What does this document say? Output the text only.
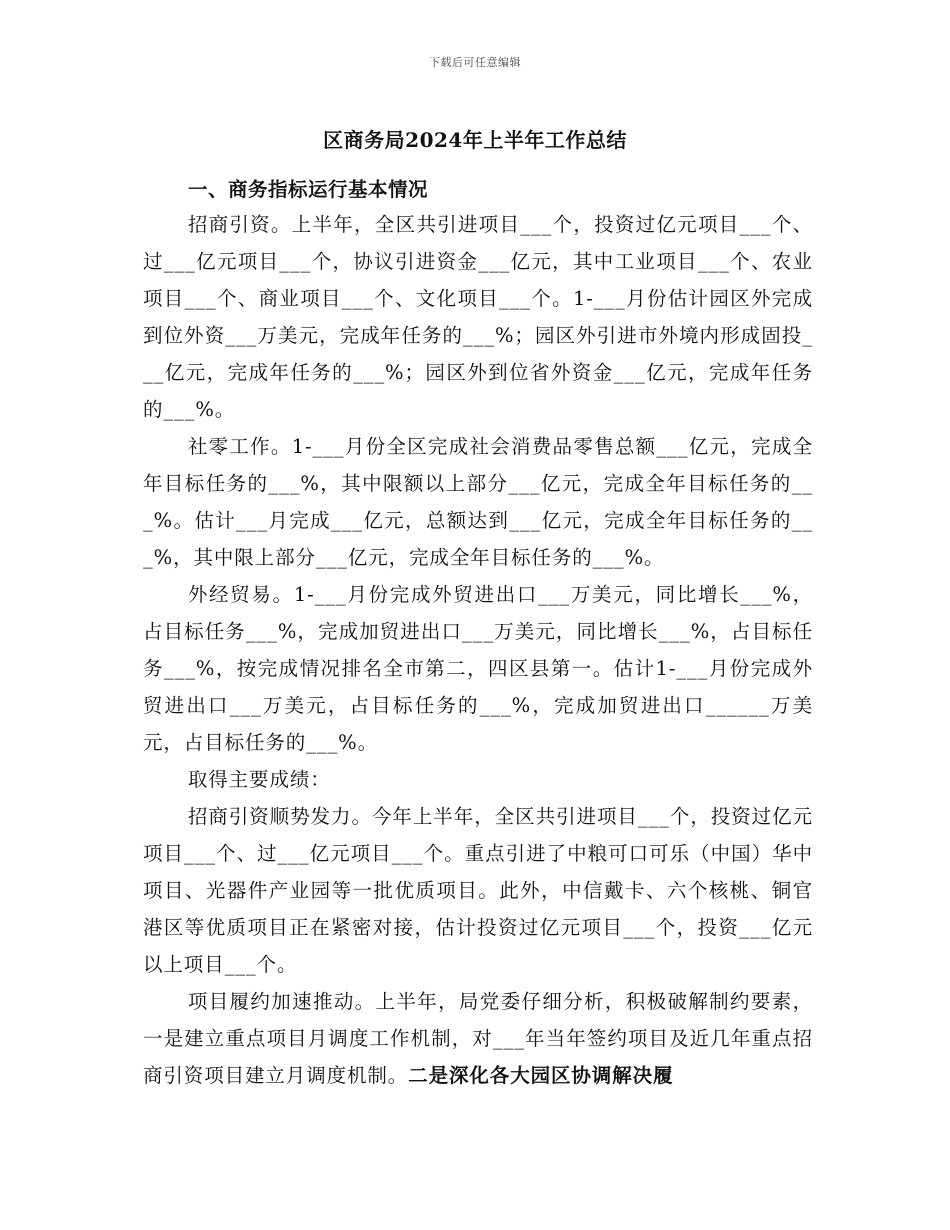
下载后可任意编辑
区商务局2024年上半年工作总结
一、商务指标运行基本情况

招商引资。上半年，全区共引进项目___个，投资过亿元项目___个、过___亿元项目___个，协议引进资金___亿元，其中工业项目___个、农业项目___个、商业项目___个、文化项目___个。1-___月份估计园区外完成到位外资___万美元，完成年任务的___%；园区外引进市外境内形成固投___亿元，完成年任务的___%；园区外到位省外资金___亿元，完成年任务的___%。

社零工作。1-___月份全区完成社会消费品零售总额___亿元，完成全年目标任务的___%，其中限额以上部分___亿元，完成全年目标任务的___%。估计___月完成___亿元，总额达到___亿元，完成全年目标任务的___%，其中限上部分___亿元，完成全年目标任务的___%。

外经贸易。1-___月份完成外贸进出口___万美元，同比增长___%，占目标任务___%，完成加贸进出口___万美元，同比增长___%，占目标任务___%，按完成情况排名全市第二，四区县第一。估计1-___月份完成外贸进出口___万美元，占目标任务的___%，完成加贸进出口______万美元，占目标任务的___%。

取得主要成绩：

招商引资顺势发力。今年上半年，全区共引进项目___个，投资过亿元项目___个、过___亿元项目___个。重点引进了中粮可口可乐（中国）华中项目、光器件产业园等一批优质项目。此外，中信戴卡、六个核桃、铜官港区等优质项目正在紧密对接，估计投资过亿元项目___个，投资___亿元以上项目___个。

项目履约加速推动。上半年，局党委仔细分析，积极破解制约要素，一是建立重点项目月调度工作机制，对___年当年签约项目及近几年重点招商引资项目建立月调度机制。二是深化各大园区协调解决履
